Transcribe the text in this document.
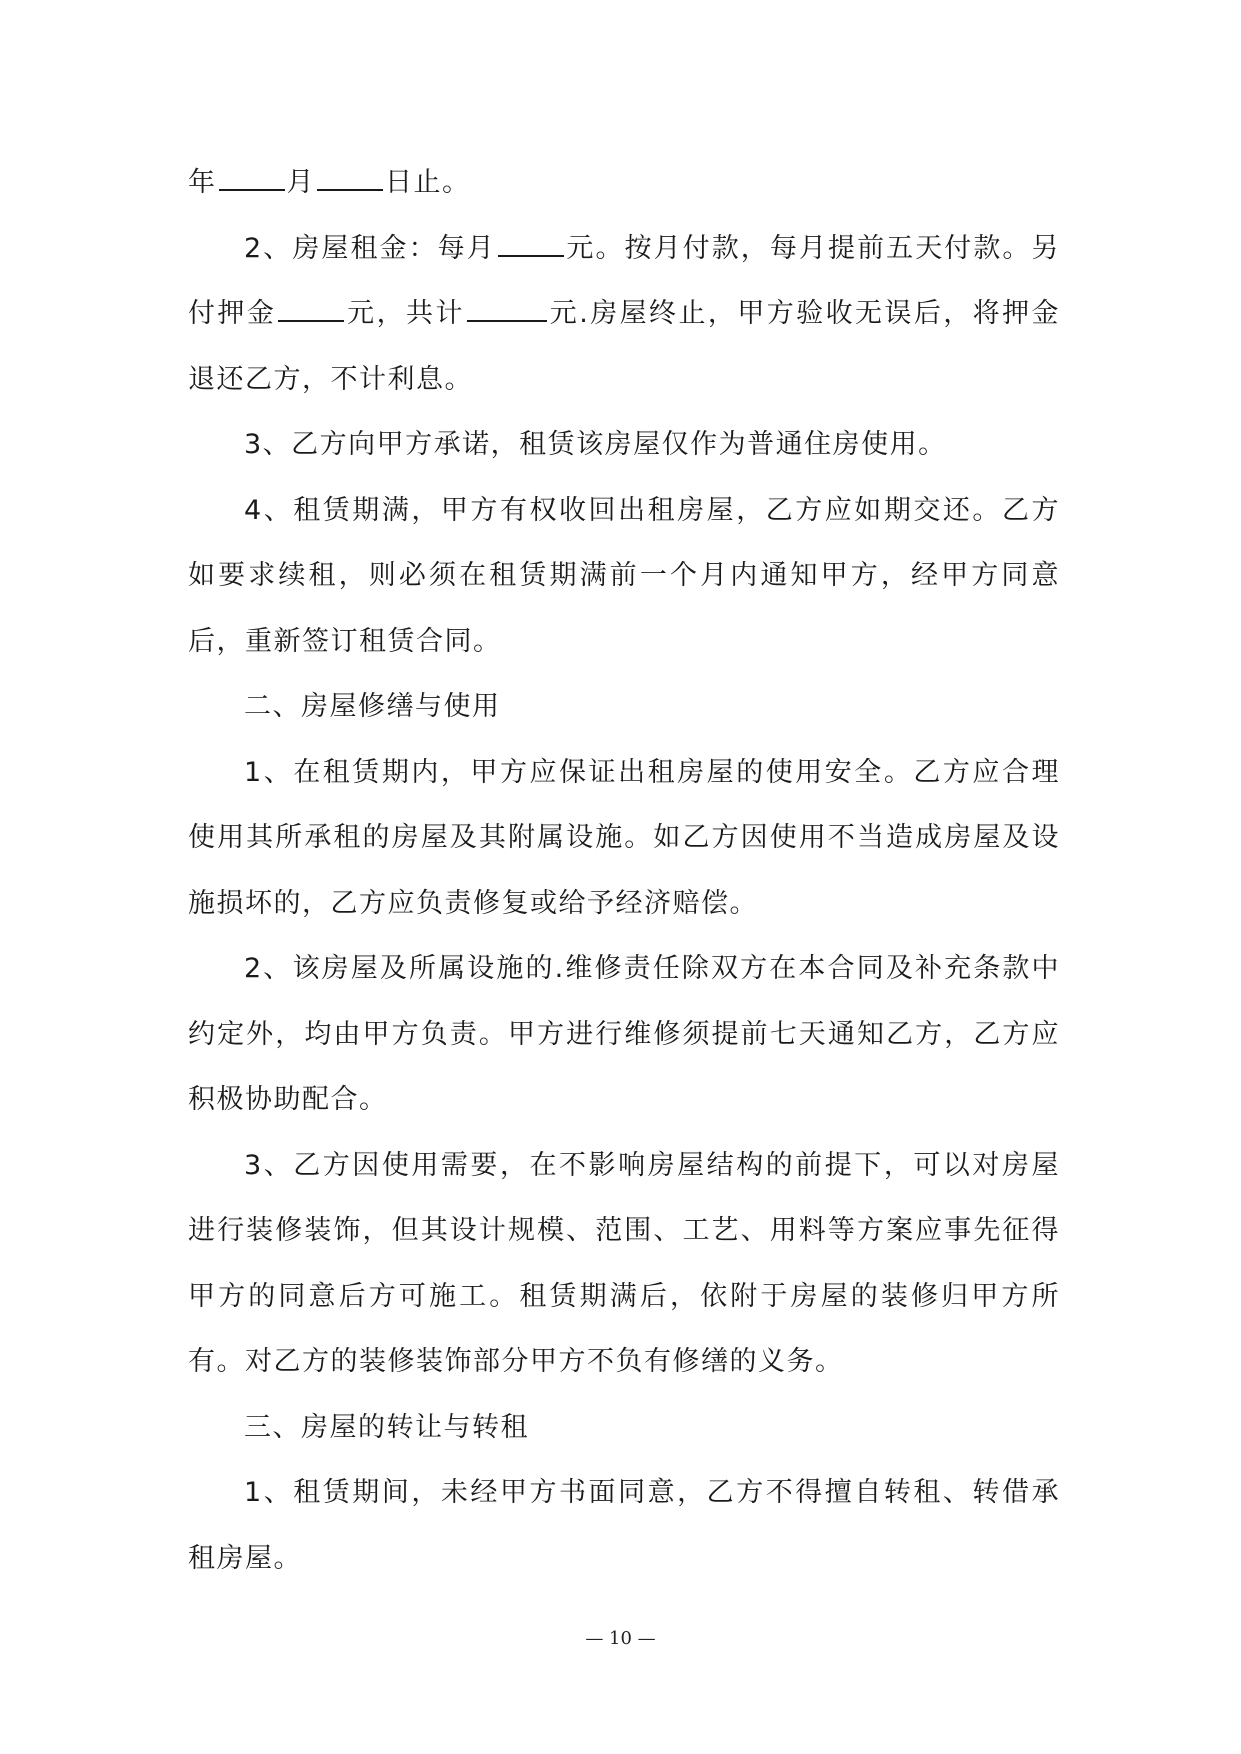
年	月	日止。

2、房屋租金：每月	元。按月付款，每月提前五天付款。另付押金	元，共计	元.房屋终止，甲方验收无误后，将押金退还乙方，不计利息。

3、乙方向甲方承诺，租赁该房屋仅作为普通住房使用。

4、租赁期满，甲方有权收回出租房屋，乙方应如期交还。乙方如要求续租，则必须在租赁期满前一个月内通知甲方，经甲方同意后，重新签订租赁合同。

二、房屋修缮与使用

1、在租赁期内，甲方应保证出租房屋的使用安全。乙方应合理使用其所承租的房屋及其附属设施。如乙方因使用不当造成房屋及设施损坏的，乙方应负责修复或给予经济赔偿。

2、该房屋及所属设施的.维修责任除双方在本合同及补充条款中约定外，均由甲方负责。甲方进行维修须提前七天通知乙方，乙方应积极协助配合。

3、乙方因使用需要，在不影响房屋结构的前提下，可以对房屋进行装修装饰，但其设计规模、范围、工艺、用料等方案应事先征得甲方的同意后方可施工。租赁期满后，依附于房屋的装修归甲方所有。对乙方的装修装饰部分甲方不负有修缮的义务。

三、房屋的转让与转租

1、租赁期间，未经甲方书面同意，乙方不得擅自转租、转借承租房屋。

— 10 —
